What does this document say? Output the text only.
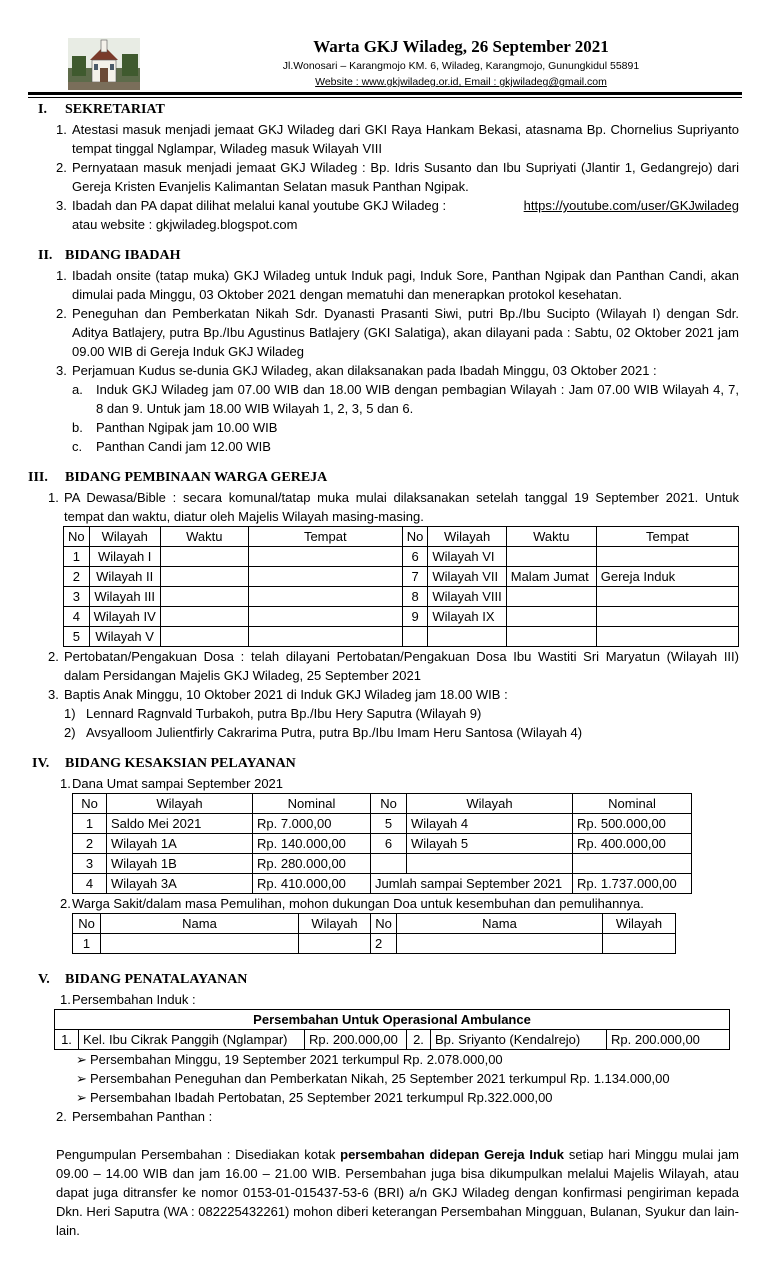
Warta GKJ Wiladeg, 26 September 2021
Jl.Wonosari – Karangmojo KM. 6, Wiladeg, Karangmojo, Gunungkidul 55891
Website : www.gkjwiladeg.or.id, Email : gkjwiladeg@gmail.com
I. SEKRETARIAT
1. Atestasi masuk menjadi jemaat GKJ Wiladeg dari GKI Raya Hankam Bekasi, atasnama Bp. Chornelius Supriyanto tempat tinggal Nglampar, Wiladeg masuk Wilayah VIII
2. Pernyataan masuk menjadi jemaat GKJ Wiladeg : Bp. Idris Susanto dan Ibu Supriyati (Jlantir 1, Gedangrejo) dari Gereja Kristen Evanjelis Kalimantan Selatan masuk Panthan Ngipak.
3. Ibadah dan PA dapat dilihat melalui kanal youtube GKJ Wiladeg :	https://youtube.com/user/GKJwiladeg

atau website : gkjwiladeg.blogspot.com
II. BIDANG IBADAH
1. Ibadah onsite (tatap muka) GKJ Wiladeg untuk Induk pagi, Induk Sore, Panthan Ngipak dan Panthan Candi, akan dimulai pada Minggu, 03 Oktober 2021 dengan mematuhi dan menerapkan protokol kesehatan.
2. Peneguhan dan Pemberkatan Nikah Sdr. Dyanasti Prasanti Siwi, putri Bp./Ibu Sucipto (Wilayah I) dengan Sdr. Aditya Batlajery, putra Bp./Ibu Agustinus Batlajery (GKI Salatiga), akan dilayani pada : Sabtu, 02 Oktober 2021 jam 09.00 WIB di Gereja Induk GKJ Wiladeg
3. Perjamuan Kudus se-dunia GKJ Wiladeg, akan dilaksanakan pada Ibadah Minggu, 03 Oktober 2021 :
a. Induk GKJ Wiladeg jam 07.00 WIB dan 18.00 WIB dengan pembagian Wilayah : Jam 07.00 WIB Wilayah 4, 7, 8 dan 9. Untuk jam 18.00 WIB Wilayah 1, 2, 3, 5 dan 6.
b. Panthan Ngipak jam 10.00 WIB
c. Panthan Candi jam 12.00 WIB
III. BIDANG PEMBINAAN WARGA GEREJA
1. PA Dewasa/Bible : secara komunal/tatap muka mulai dilaksanakan setelah tanggal 19 September 2021. Untuk tempat dan waktu, diatur oleh Majelis Wilayah masing-masing.
No	Wilayah	Waktu	Tempat	No	Wilayah	Waktu	Tempat
1	Wilayah I			6	Wilayah VI		
2	Wilayah II			7	Wilayah VII	Malam Jumat	Gereja Induk
3	Wilayah III			8	Wilayah VIII		
4	Wilayah IV			9	Wilayah IX		
5	Wilayah V						
2. Pertobatan/Pengakuan Dosa : telah dilayani Pertobatan/Pengakuan Dosa Ibu Wastiti Sri Maryatun (Wilayah III) dalam Persidangan Majelis GKJ Wiladeg, 25 September 2021
3. Baptis Anak Minggu, 10 Oktober 2021 di Induk GKJ Wiladeg jam 18.00 WIB :
1) Lennard Ragnvald Turbakoh, putra Bp./Ibu Hery Saputra (Wilayah 9)
2) Avsyalloom Julientfirly Cakrarima Putra, putra Bp./Ibu Imam Heru Santosa (Wilayah 4)
IV. BIDANG KESAKSIAN PELAYANAN
1. Dana Umat sampai September 2021
No	Wilayah	Nominal	No	Wilayah	Nominal
1	Saldo Mei 2021	Rp. 7.000,00	5	Wilayah 4	Rp. 500.000,00
2	Wilayah 1A	Rp. 140.000,00	6	Wilayah 5	Rp. 400.000,00
3	Wilayah 1B	Rp. 280.000,00			
4	Wilayah 3A	Rp. 410.000,00	Jumlah sampai September 2021		Rp. 1.737.000,00
2. Warga Sakit/dalam masa Pemulihan, mohon dukungan Doa untuk kesembuhan dan pemulihannya.
No	Nama	Wilayah	No	Nama	Wilayah
1			2		
V. BIDANG PENATALAYANAN
1. Persembahan Induk :
Persembahan Untuk Operasional Ambulance
1.	Kel. Ibu Cikrak Panggih (Nglampar)	Rp. 200.000,00	2.	Bp. Sriyanto (Kendalrejo)	Rp. 200.000,00
➢ Persembahan Minggu, 19 September 2021 terkumpul Rp. 2.078.000,00
➢ Persembahan Peneguhan dan Pemberkatan Nikah, 25 September 2021 terkumpul Rp. 1.134.000,00
➢ Persembahan Ibadah Pertobatan, 25 September 2021 terkumpul Rp.322.000,00
2. Persembahan Panthan :
Pengumpulan Persembahan : Disediakan kotak persembahan didepan Gereja Induk setiap hari Minggu mulai jam 09.00 – 14.00 WIB dan jam 16.00 – 21.00 WIB. Persembahan juga bisa dikumpulkan melalui Majelis Wilayah, atau dapat juga ditransfer ke nomor 0153-01-015437-53-6 (BRI) a/n GKJ Wiladeg dengan konfirmasi pengiriman kepada Dkn. Heri Saputra (WA : 082225432261) mohon diberi keterangan Persembahan Mingguan, Bulanan, Syukur dan lain-lain.
